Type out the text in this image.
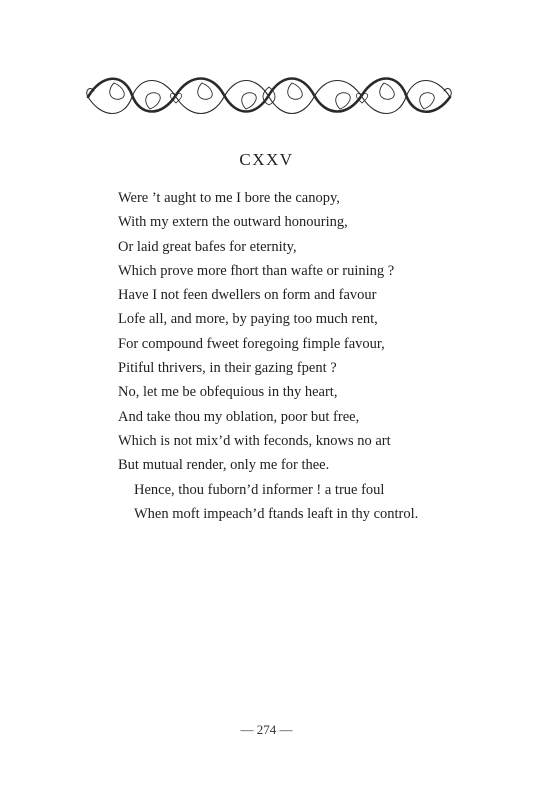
CXXV
Were ’t aught to me I bore the canopy,
With my extern the outward honouring,
Or laid great bafes for eternity,
Which prove more fhort than wafte or ruining ?
Have I not feen dwellers on form and favour
Lofe all, and more, by paying too much rent,
For compound fweet foregoing fimple favour,
Pitiful thrivers, in their gazing fpent ?
No, let me be obfequious in thy heart,
And take thou my oblation, poor but free,
Which is not mix’d with feconds, knows no art
But mutual render, only me for thee.
Hence, thou fuborn’d informer ! a true foul
When moft impeach’d ftands leaft in thy control.
— 274 —
